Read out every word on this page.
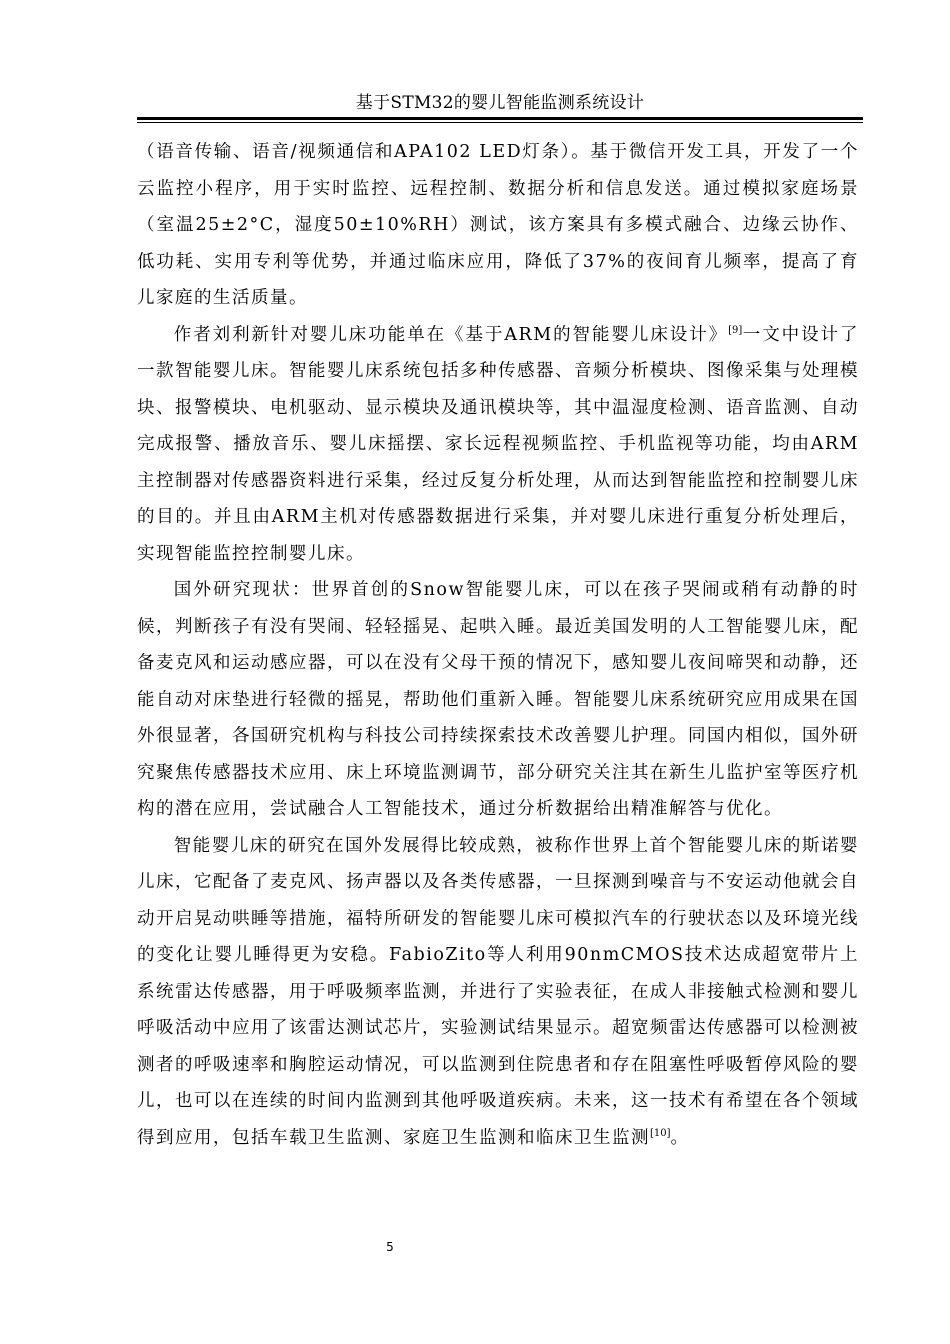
基于STM32的婴儿智能监测系统设计

（语音传输、语音/视频通信和APA102 LED灯条）。基于微信开发工具，开发了一个云监控小程序，用于实时监控、远程控制、数据分析和信息发送。通过模拟家庭场景（室温25±2°C，湿度50±10%RH）测试，该方案具有多模式融合、边缘云协作、低功耗、实用专利等优势，并通过临床应用，降低了37%的夜间育儿频率，提高了育儿家庭的生活质量。

作者刘利新针对婴儿床功能单在《基于ARM的智能婴儿床设计》[9]一文中设计了一款智能婴儿床。智能婴儿床系统包括多种传感器、音频分析模块、图像采集与处理模块、报警模块、电机驱动、显示模块及通讯模块等，其中温湿度检测、语音监测、自动完成报警、播放音乐、婴儿床摇摆、家长远程视频监控、手机监视等功能，均由ARM主控制器对传感器资料进行采集，经过反复分析处理，从而达到智能监控和控制婴儿床的目的。并且由ARM主机对传感器数据进行采集，并对婴儿床进行重复分析处理后，实现智能监控控制婴儿床。

国外研究现状：世界首创的Snow智能婴儿床，可以在孩子哭闹或稍有动静的时候，判断孩子有没有哭闹、轻轻摇晃、起哄入睡。最近美国发明的人工智能婴儿床，配备麦克风和运动感应器，可以在没有父母干预的情况下，感知婴儿夜间啼哭和动静，还能自动对床垫进行轻微的摇晃，帮助他们重新入睡。智能婴儿床系统研究应用成果在国外很显著，各国研究机构与科技公司持续探索技术改善婴儿护理。同国内相似，国外研究聚焦传感器技术应用、床上环境监测调节，部分研究关注其在新生儿监护室等医疗机构的潜在应用，尝试融合人工智能技术，通过分析数据给出精准解答与优化。

智能婴儿床的研究在国外发展得比较成熟，被称作世界上首个智能婴儿床的斯诺婴儿床，它配备了麦克风、扬声器以及各类传感器，一旦探测到噪音与不安运动他就会自动开启晃动哄睡等措施，福特所研发的智能婴儿床可模拟汽车的行驶状态以及环境光线的变化让婴儿睡得更为安稳。FabioZito等人利用90nmCMOS技术达成超宽带片上系统雷达传感器，用于呼吸频率监测，并进行了实验表征，在成人非接触式检测和婴儿呼吸活动中应用了该雷达测试芯片，实验测试结果显示。超宽频雷达传感器可以检测被测者的呼吸速率和胸腔运动情况，可以监测到住院患者和存在阻塞性呼吸暂停风险的婴儿，也可以在连续的时间内监测到其他呼吸道疾病。未来，这一技术有希望在各个领域得到应用，包括车载卫生监测、家庭卫生监测和临床卫生监测[10]。

5
